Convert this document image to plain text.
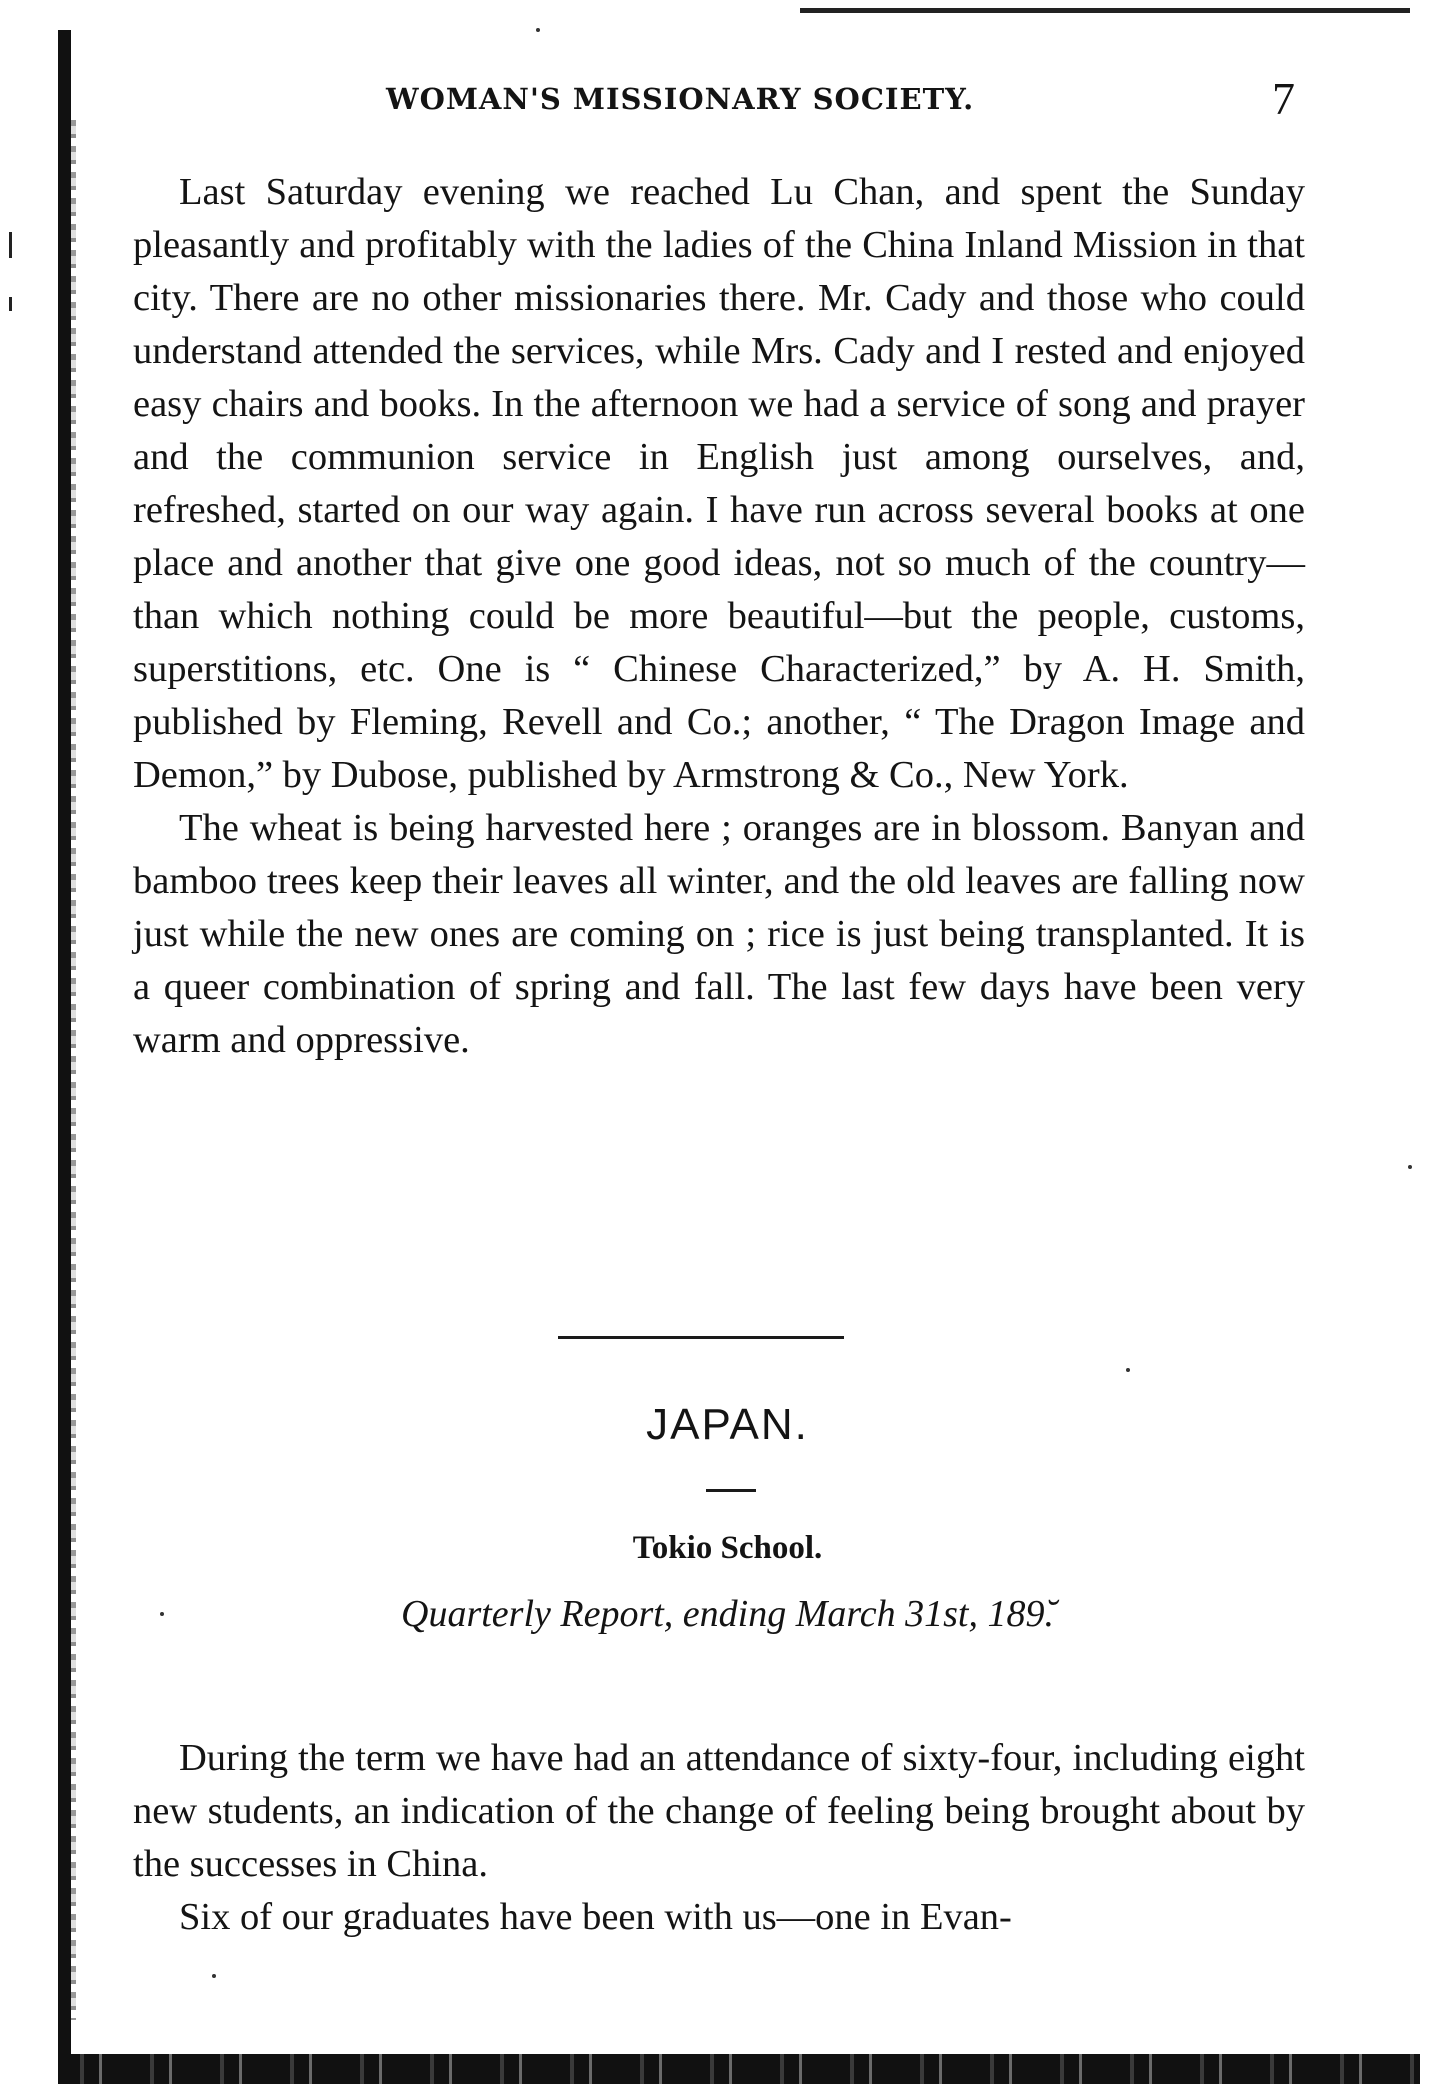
WOMAN'S MISSIONARY SOCIETY.	7

Last Saturday evening we reached Lu Chan, and spent the Sunday pleasantly and profitably with the ladies of the China Inland Mission in that city. There are no other missionaries there. Mr. Cady and those who could understand attended the services, while Mrs. Cady and I rested and enjoyed easy chairs and books. In the afternoon we had a service of song and prayer and the communion service in English just among ourselves, and, refreshed, started on our way again. I have run across several books at one place and another that give one good ideas, not so much of the country—than which nothing could be more beautiful—but the people, customs, superstitions, etc. One is “ Chinese Characterized,” by A. H. Smith, published by Fleming, Revell and Co.; another, “ The Dragon Image and Demon,” by Dubose, published by Armstrong & Co., New York.

The wheat is being harvested here ; oranges are in blossom. Banyan and bamboo trees keep their leaves all winter, and the old leaves are falling now just while the new ones are coming on ; rice is just being transplanted. It is a queer combination of spring and fall. The last few days have been very warm and oppressive.

JAPAN.
Tokio School.
Quarterly Report, ending March 31st, 189̆.

During the term we have had an attendance of sixty-four, including eight new students, an indication of the change of feeling being brought about by the successes in China.

Six of our graduates have been with us—one in Evan-
